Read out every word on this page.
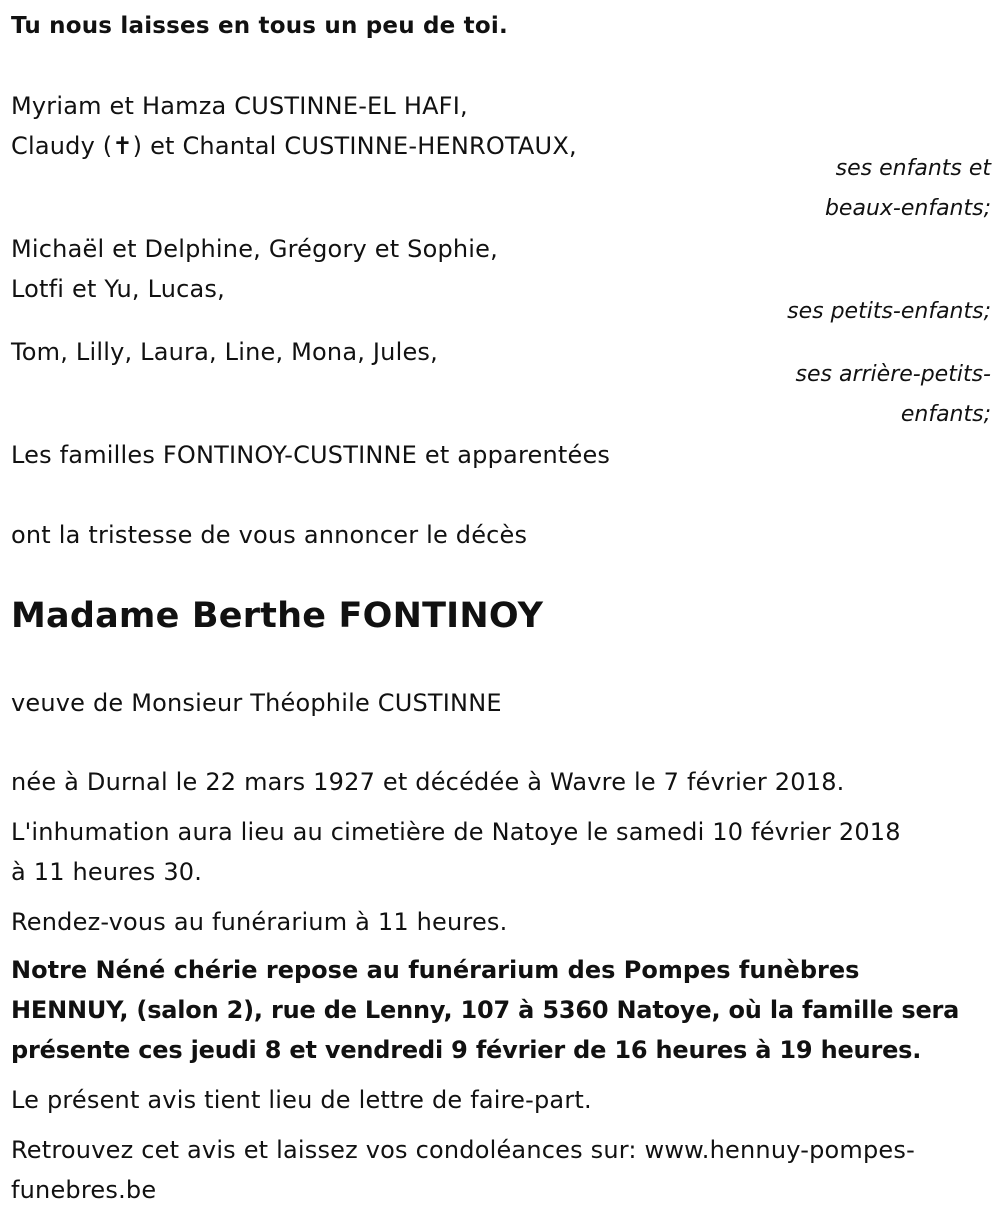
Tu nous laisses en tous un peu de toi.
Myriam et Hamza CUSTINNE-EL HAFI,
Claudy (✝) et Chantal CUSTINNE-HENROTAUX,
ses enfants et
beaux-enfants;
Michaël et Delphine, Grégory et Sophie,
Lotfi et Yu, Lucas,
ses petits-enfants;
Tom, Lilly, Laura, Line, Mona, Jules,
ses arrière-petits-
enfants;
Les familles FONTINOY-CUSTINNE et apparentées
ont la tristesse de vous annoncer le décès
Madame Berthe FONTINOY
veuve de Monsieur Théophile CUSTINNE
née à Durnal le 22 mars 1927 et décédée à Wavre le 7 février 2018.
L'inhumation aura lieu au cimetière de Natoye le samedi 10 février 2018
à 11 heures 30.
Rendez-vous au funérarium à 11 heures.
Notre Néné chérie repose au funérarium des Pompes funèbres
HENNUY, (salon 2), rue de Lenny, 107 à 5360 Natoye, où la famille sera
présente ces jeudi 8 et vendredi 9 février de 16 heures à 19 heures.
Le présent avis tient lieu de lettre de faire-part.
Retrouvez cet avis et laissez vos condoléances sur: www.hennuy-pompes-
funebres.be
